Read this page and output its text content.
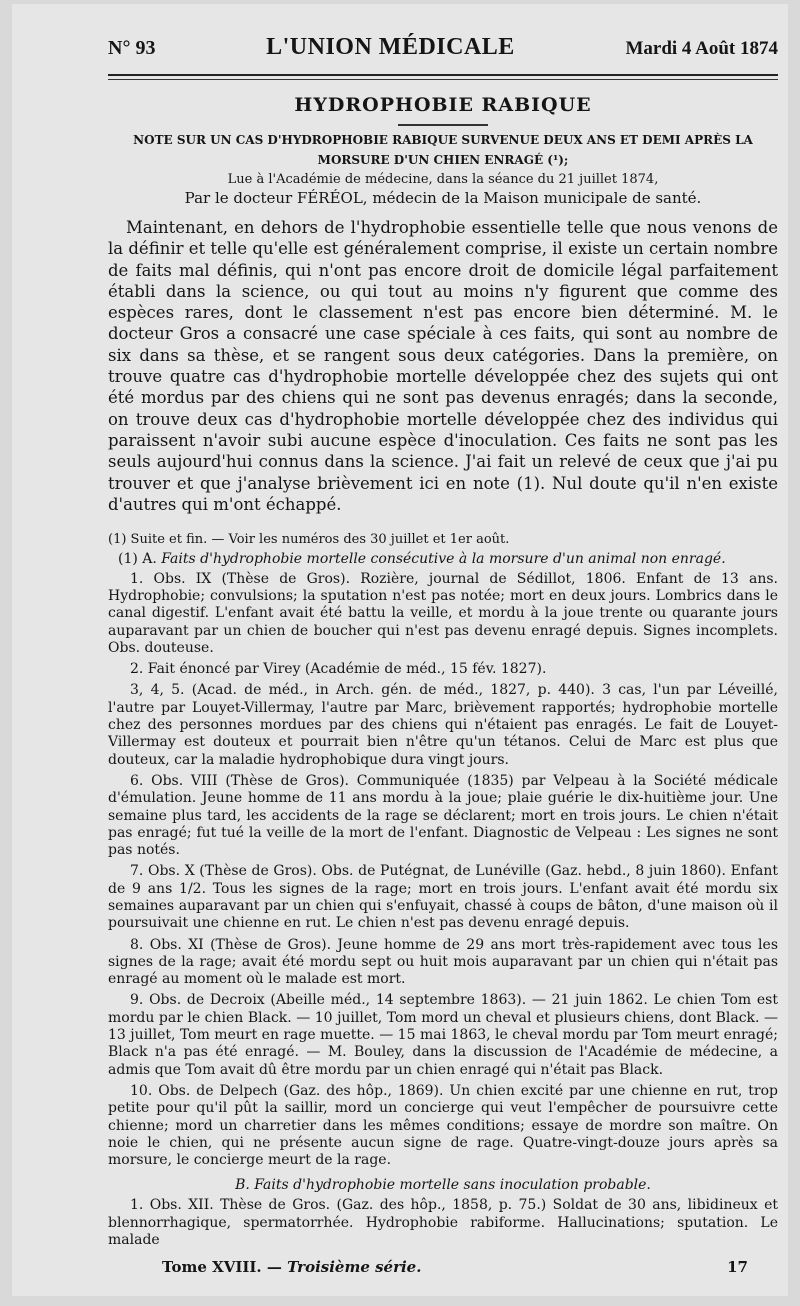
N° 93	L'UNION MÉDICALE	Mardi 4 Août 1874
HYDROPHOBIE RABIQUE
NOTE SUR UN CAS D'HYDROPHOBIE RABIQUE SURVENUE DEUX ANS ET DEMI APRÈS LA
MORSURE D'UN CHIEN ENRAGÉ (¹);
Lue à l'Académie de médecine, dans la séance du 21 juillet 1874,
Par le docteur FÉRÉOL, médecin de la Maison municipale de santé.

Maintenant, en dehors de l'hydrophobie essentielle telle que nous venons de la définir et telle qu'elle est généralement comprise, il existe un certain nombre de faits mal définis, qui n'ont pas encore droit de domicile légal parfaitement établi dans la science, ou qui tout au moins n'y figurent que comme des espèces rares, dont le classement n'est pas encore bien déterminé. M. le docteur Gros a consacré une case spéciale à ces faits, qui sont au nombre de six dans sa thèse, et se rangent sous deux catégories. Dans la première, on trouve quatre cas d'hydrophobie mortelle développée chez des sujets qui ont été mordus par des chiens qui ne sont pas devenus enragés; dans la seconde, on trouve deux cas d'hydrophobie mortelle développée chez des individus qui paraissent n'avoir subi aucune espèce d'inoculation. Ces faits ne sont pas les seuls aujourd'hui connus dans la science. J'ai fait un relevé de ceux que j'ai pu trouver et que j'analyse brièvement ici en note (1). Nul doute qu'il n'en existe d'autres qui m'ont échappé.

(1) Suite et fin. — Voir les numéros des 30 juillet et 1er août.
(1) A. Faits d'hydrophobie mortelle consécutive à la morsure d'un animal non enragé.
1. Obs. IX (Thèse de Gros). Rozière, journal de Sédillot, 1806. Enfant de 13 ans. Hydrophobie; convulsions; la sputation n'est pas notée; mort en deux jours. Lombrics dans le canal digestif. L'enfant avait été battu la veille, et mordu à la joue trente ou quarante jours auparavant par un chien de boucher qui n'est pas devenu enragé depuis. Signes incomplets. Obs. douteuse.
2. Fait énoncé par Virey (Académie de méd., 15 fév. 1827).
3, 4, 5. (Acad. de méd., in Arch. gén. de méd., 1827, p. 440). 3 cas, l'un par Léveillé, l'autre par Louyet-Villermay, l'autre par Marc, brièvement rapportés; hydrophobie mortelle chez des personnes mordues par des chiens qui n'étaient pas enragés. Le fait de Louyet-Villermay est douteux et pourrait bien n'être qu'un tétanos. Celui de Marc est plus que douteux, car la maladie hydrophobique dura vingt jours.
6. Obs. VIII (Thèse de Gros). Communiquée (1835) par Velpeau à la Société médicale d'émulation. Jeune homme de 11 ans mordu à la joue; plaie guérie le dix-huitième jour. Une semaine plus tard, les accidents de la rage se déclarent; mort en trois jours. Le chien n'était pas enragé; fut tué la veille de la mort de l'enfant. Diagnostic de Velpeau : Les signes ne sont pas notés.
7. Obs. X (Thèse de Gros). Obs. de Putégnat, de Lunéville (Gaz. hebd., 8 juin 1860). Enfant de 9 ans 1/2. Tous les signes de la rage; mort en trois jours. L'enfant avait été mordu six semaines auparavant par un chien qui s'enfuyait, chassé à coups de bâton, d'une maison où il poursuivait une chienne en rut. Le chien n'est pas devenu enragé depuis.
8. Obs. XI (Thèse de Gros). Jeune homme de 29 ans mort très-rapidement avec tous les signes de la rage; avait été mordu sept ou huit mois auparavant par un chien qui n'était pas enragé au moment où le malade est mort.
9. Obs. de Decroix (Abeille méd., 14 septembre 1863). — 21 juin 1862. Le chien Tom est mordu par le chien Black. — 10 juillet, Tom mord un cheval et plusieurs chiens, dont Black. — 13 juillet, Tom meurt en rage muette. — 15 mai 1863, le cheval mordu par Tom meurt enragé; Black n'a pas été enragé. — M. Bouley, dans la discussion de l'Académie de médecine, a admis que Tom avait dû être mordu par un chien enragé qui n'était pas Black.
10. Obs. de Delpech (Gaz. des hôp., 1869). Un chien excité par une chienne en rut, trop petite pour qu'il pût la saillir, mord un concierge qui veut l'empêcher de poursuivre cette chienne; mord un charretier dans les mêmes conditions; essaye de mordre son maître. On noie le chien, qui ne présente aucun signe de rage. Quatre-vingt-douze jours après sa morsure, le concierge meurt de la rage.
B. Faits d'hydrophobie mortelle sans inoculation probable.
1. Obs. XII. Thèse de Gros. (Gaz. des hôp., 1858, p. 75.) Soldat de 30 ans, libidineux et blennorrhagique, spermatorrhée. Hydrophobie rabiforme. Hallucinations; sputation. Le malade
Tome XVIII. — Troisième série.	17
